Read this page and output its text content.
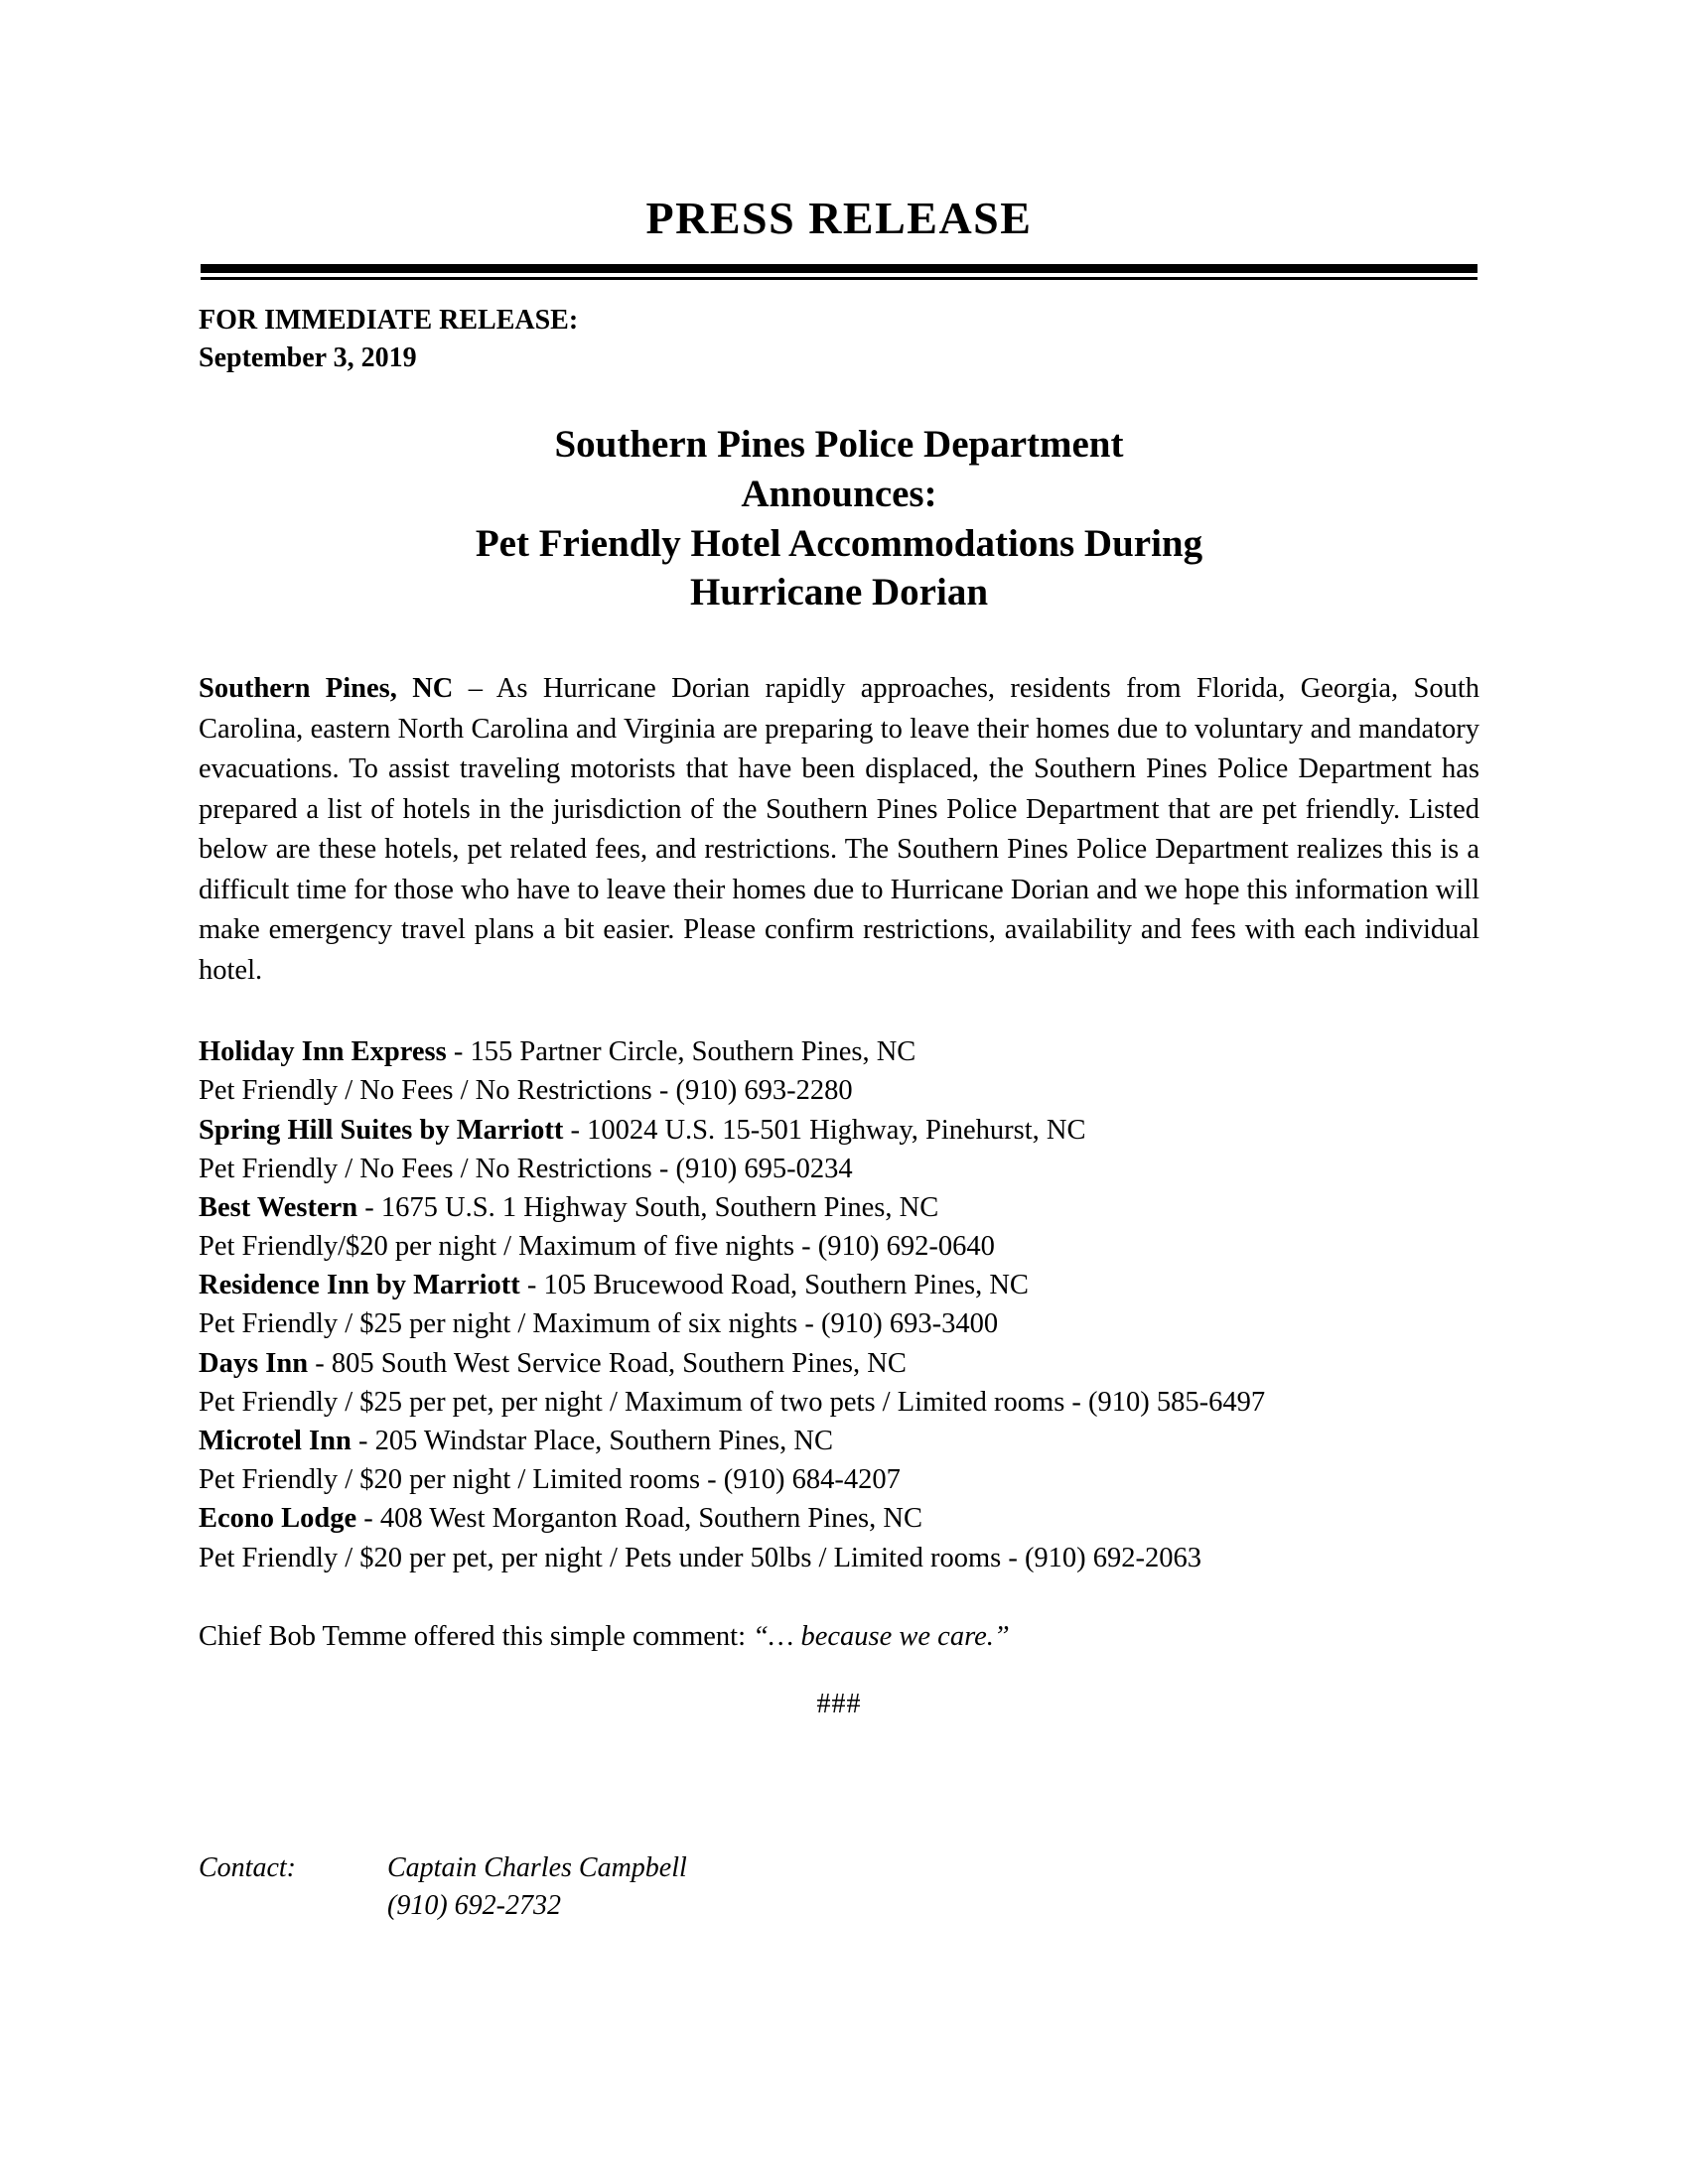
PRESS RELEASE
FOR IMMEDIATE RELEASE:
September 3, 2019
Southern Pines Police Department
Announces:
Pet Friendly Hotel Accommodations During
Hurricane Dorian

Southern Pines, NC – As Hurricane Dorian rapidly approaches, residents from Florida, Georgia, South Carolina, eastern North Carolina and Virginia are preparing to leave their homes due to voluntary and mandatory evacuations. To assist traveling motorists that have been displaced, the Southern Pines Police Department has prepared a list of hotels in the jurisdiction of the Southern Pines Police Department that are pet friendly. Listed below are these hotels, pet related fees, and restrictions. The Southern Pines Police Department realizes this is a difficult time for those who have to leave their homes due to Hurricane Dorian and we hope this information will make emergency travel plans a bit easier. Please confirm restrictions, availability and fees with each individual hotel.

Holiday Inn Express - 155 Partner Circle, Southern Pines, NC
Pet Friendly / No Fees / No Restrictions - (910) 693-2280
Spring Hill Suites by Marriott - 10024 U.S. 15-501 Highway, Pinehurst, NC
Pet Friendly / No Fees / No Restrictions - (910) 695-0234
Best Western - 1675 U.S. 1 Highway South, Southern Pines, NC
Pet Friendly/$20 per night / Maximum of five nights - (910) 692-0640
Residence Inn by Marriott - 105 Brucewood Road, Southern Pines, NC
Pet Friendly / $25 per night / Maximum of six nights - (910) 693-3400
Days Inn - 805 South West Service Road, Southern Pines, NC
Pet Friendly / $25 per pet, per night / Maximum of two pets / Limited rooms - (910) 585-6497
Microtel Inn - 205 Windstar Place, Southern Pines, NC
Pet Friendly / $20 per night / Limited rooms - (910) 684-4207
Econo Lodge - 408 West Morganton Road, Southern Pines, NC
Pet Friendly / $20 per pet, per night / Pets under 50lbs / Limited rooms - (910) 692-2063
Chief Bob Temme offered this simple comment: “… because we care.”
###
Contact:	Captain Charles Campbell
(910) 692-2732
